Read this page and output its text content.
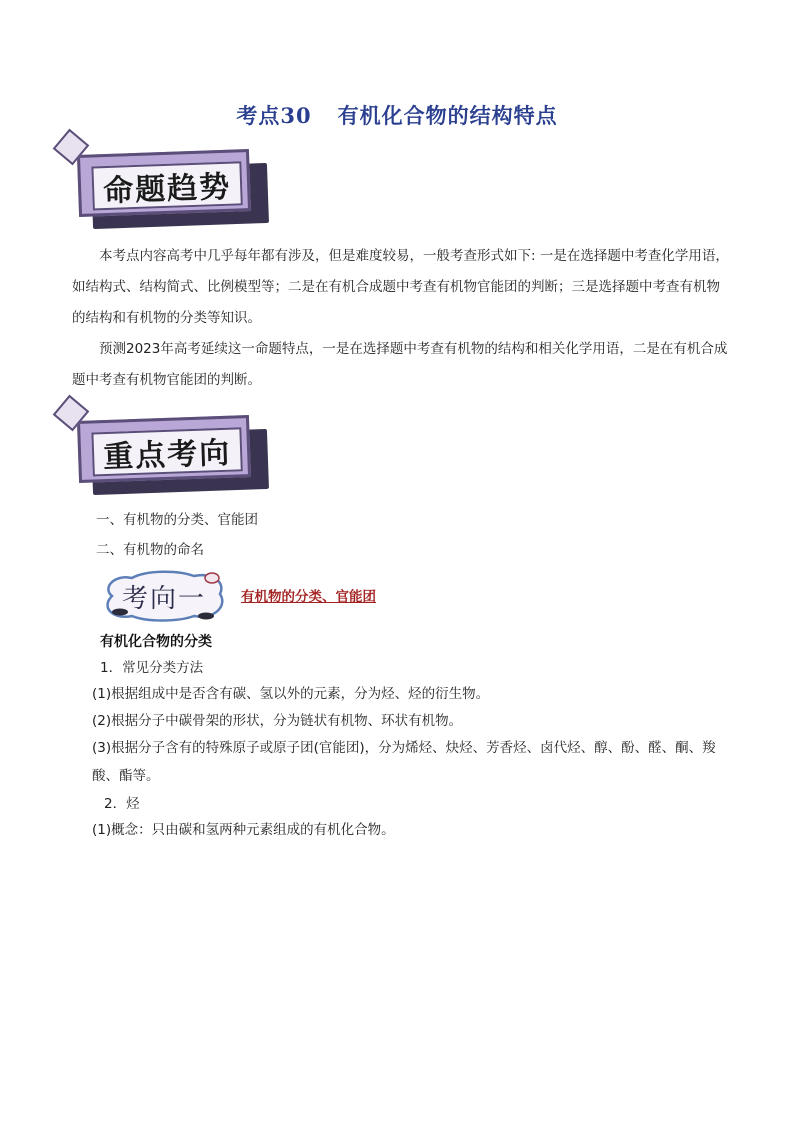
考点30 有机化合物的结构特点
命题趋势

本考点内容高考中几乎每年都有涉及，但是难度较易，一般考查形式如下: 一是在选择题中考查化学用语，如结构式、结构简式、比例模型等；二是在有机合成题中考查有机物官能团的判断；三是选择题中考查有机物的结构和有机物的分类等知识。

预测2023年高考延续这一命题特点，一是在选择题中考查有机物的结构和相关化学用语，二是在有机合成题中考查有机物官能团的判断。

重点考向
一、有机物的分类、官能团
二、有机物的命名
考向一	有机物的分类、官能团
有机化合物的分类
1．常见分类方法
(1)根据组成中是否含有碳、氢以外的元素，分为烃、烃的衍生物。
(2)根据分子中碳骨架的形状，分为链状有机物、环状有机物。
(3)根据分子含有的特殊原子或原子团(官能团)，分为烯烃、炔烃、芳香烃、卤代烃、醇、酚、醛、酮、羧酸、酯等。
2．烃
(1)概念：只由碳和氢两种元素组成的有机化合物。
